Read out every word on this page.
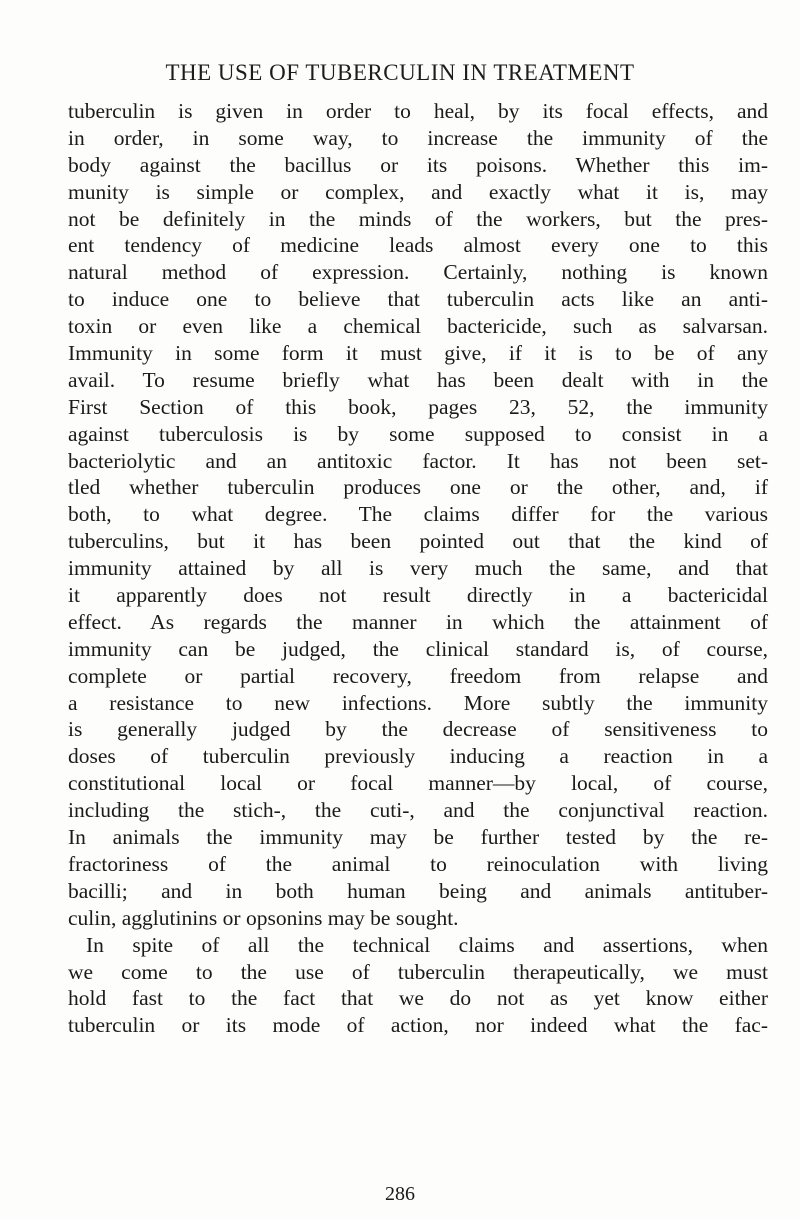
THE USE OF TUBERCULIN IN TREATMENT
tuberculin is given in order to heal, by its focal effects, and
in order, in some way, to increase the immunity of the
body against the bacillus or its poisons. Whether this im-
munity is simple or complex, and exactly what it is, may
not be definitely in the minds of the workers, but the pres-
ent tendency of medicine leads almost every one to this
natural method of expression. Certainly, nothing is known
to induce one to believe that tuberculin acts like an anti-
toxin or even like a chemical bactericide, such as salvarsan.
Immunity in some form it must give, if it is to be of any
avail. To resume briefly what has been dealt with in the
First Section of this book, pages 23, 52, the immunity
against tuberculosis is by some supposed to consist in a
bacteriolytic and an antitoxic factor. It has not been set-
tled whether tuberculin produces one or the other, and, if
both, to what degree. The claims differ for the various
tuberculins, but it has been pointed out that the kind of
immunity attained by all is very much the same, and that
it apparently does not result directly in a bactericidal
effect. As regards the manner in which the attainment of
immunity can be judged, the clinical standard is, of course,
complete or partial recovery, freedom from relapse and
a resistance to new infections. More subtly the immunity
is generally judged by the decrease of sensitiveness to
doses of tuberculin previously inducing a reaction in a
constitutional local or focal manner—by local, of course,
including the stich-, the cuti-, and the conjunctival reaction.
In animals the immunity may be further tested by the re-
fractoriness of the animal to reinoculation with living
bacilli; and in both human being and animals antituber-
culin, agglutinins or opsonins may be sought.
In spite of all the technical claims and assertions, when
we come to the use of tuberculin therapeutically, we must
hold fast to the fact that we do not as yet know either
tuberculin or its mode of action, nor indeed what the fac-
286
